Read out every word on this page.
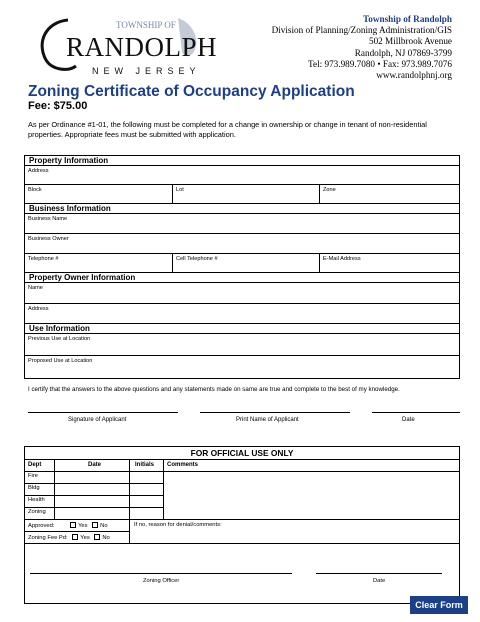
TOWNSHIP OF
RANDOLPH
NEW JERSEY
Township of Randolph
Division of Planning/Zoning Administration/GIS
502 Millbrook Avenue
Randolph, NJ 07869-3799
Tel: 973.989.7080 • Fax: 973.989.7076
www.randolphnj.org
Zoning Certificate of Occupancy Application
Fee: $75.00
As per Ordinance #1-01, the following must be completed for a change in ownership or change in tenant of non-residential properties. Appropriate fees must be submitted with application.
Property Information
Address
Block	Lot	Zone
Business Information
Business Name
Business Owner
Telephone #	Cell Telephone #	E-Mail Address
Property Owner Information
Name
Address
Use Information
Previous Use at Location
Proposed Use at Location
I certify that the answers to the above questions and any statements made on same are true and complete to the best of my knowledge.
Signature of Applicant	Print Name of Applicant	Date
FOR OFFICIAL USE ONLY
Dept	Date	Initials	Comments
Fire
Bldg
Health
Zoning
Approved:	Yes No
Zoning Fee Pd: Yes No
If no, reason for denial/comments:
Zoning Officer	Date
Clear Form
